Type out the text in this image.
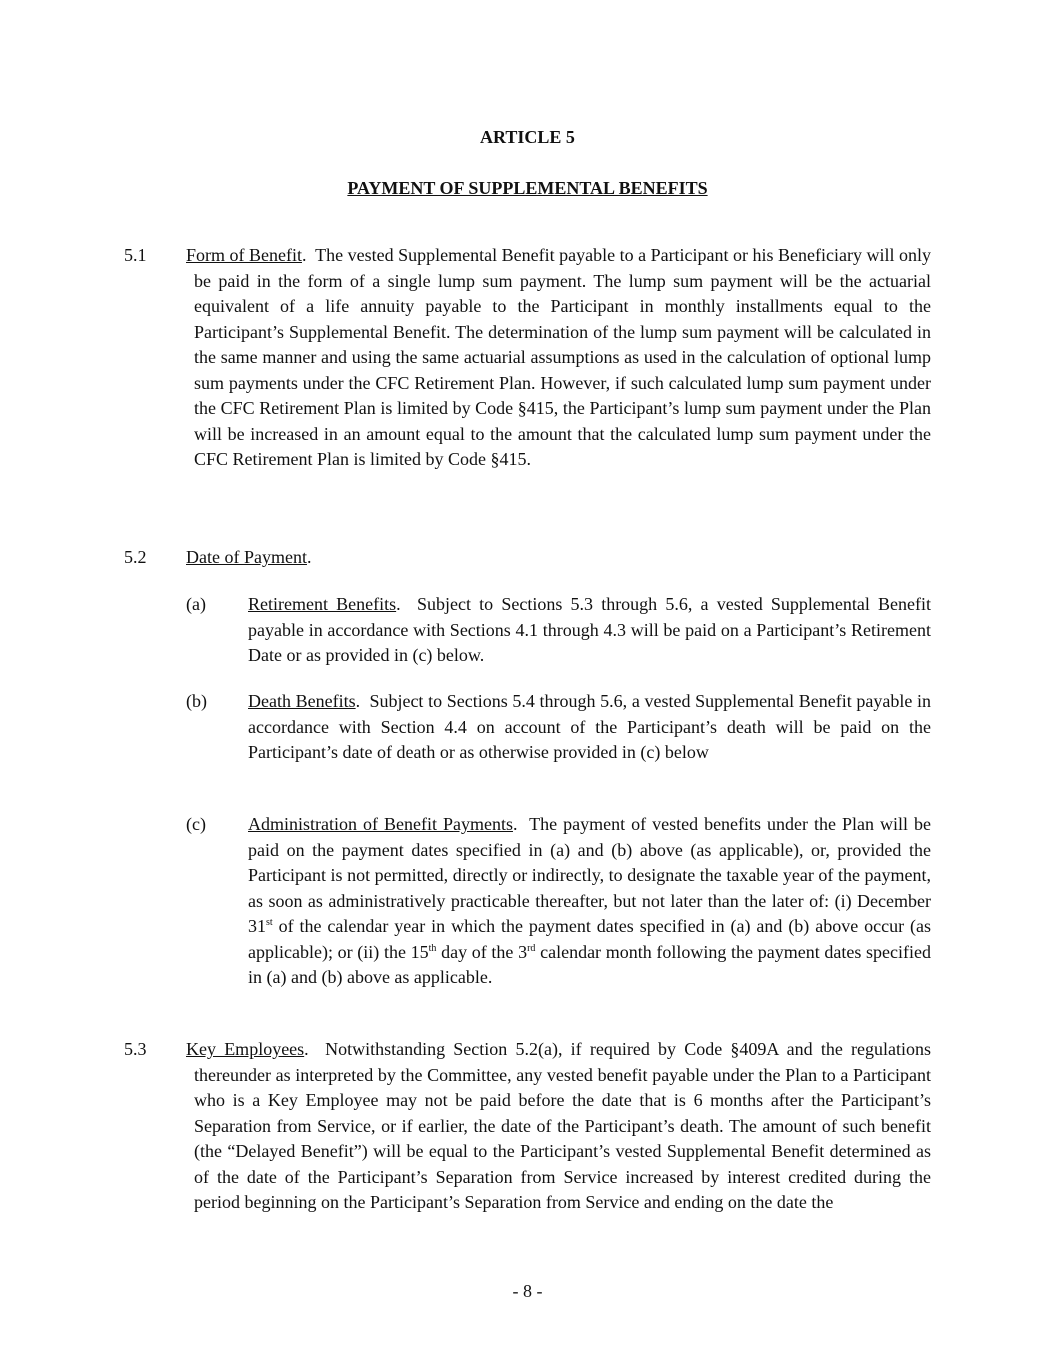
ARTICLE 5
PAYMENT OF SUPPLEMENTAL BENEFITS
5.1 Form of Benefit.  The vested Supplemental Benefit payable to a Participant or his Beneficiary will only be paid in the form of a single lump sum payment. The lump sum payment will be the actuarial equivalent of a life annuity payable to the Participant in monthly installments equal to the Participant’s Supplemental Benefit. The determination of the lump sum payment will be calculated in the same manner and using the same actuarial assumptions as used in the calculation of optional lump sum payments under the CFC Retirement Plan. However, if such calculated lump sum payment under the CFC Retirement Plan is limited by Code §415, the Participant’s lump sum payment under the Plan will be increased in an amount equal to the amount that the calculated lump sum payment under the CFC Retirement Plan is limited by Code §415.
5.2 Date of Payment.
(a) Retirement Benefits.  Subject to Sections 5.3 through 5.6, a vested Supplemental Benefit payable in accordance with Sections 4.1 through 4.3 will be paid on a Participant’s Retirement Date or as provided in (c) below.
(b) Death Benefits.  Subject to Sections 5.4 through 5.6, a vested Supplemental Benefit payable in accordance with Section 4.4 on account of the Participant’s death will be paid on the Participant’s date of death or as otherwise provided in (c) below
(c) Administration of Benefit Payments.  The payment of vested benefits under the Plan will be paid on the payment dates specified in (a) and (b) above (as applicable), or, provided the Participant is not permitted, directly or indirectly, to designate the taxable year of the payment, as soon as administratively practicable thereafter, but not later than the later of: (i) December 31st of the calendar year in which the payment dates specified in (a) and (b) above occur (as applicable); or (ii) the 15th day of the 3rd calendar month following the payment dates specified in (a) and (b) above as applicable.
5.3 Key Employees.  Notwithstanding Section 5.2(a), if required by Code §409A and the regulations thereunder as interpreted by the Committee, any vested benefit payable under the Plan to a Participant who is a Key Employee may not be paid before the date that is 6 months after the Participant’s Separation from Service, or if earlier, the date of the Participant’s death. The amount of such benefit (the “Delayed Benefit”) will be equal to the Participant’s vested Supplemental Benefit determined as of the date of the Participant’s Separation from Service increased by interest credited during the period beginning on the Participant’s Separation from Service and ending on the date the
- 8 -
